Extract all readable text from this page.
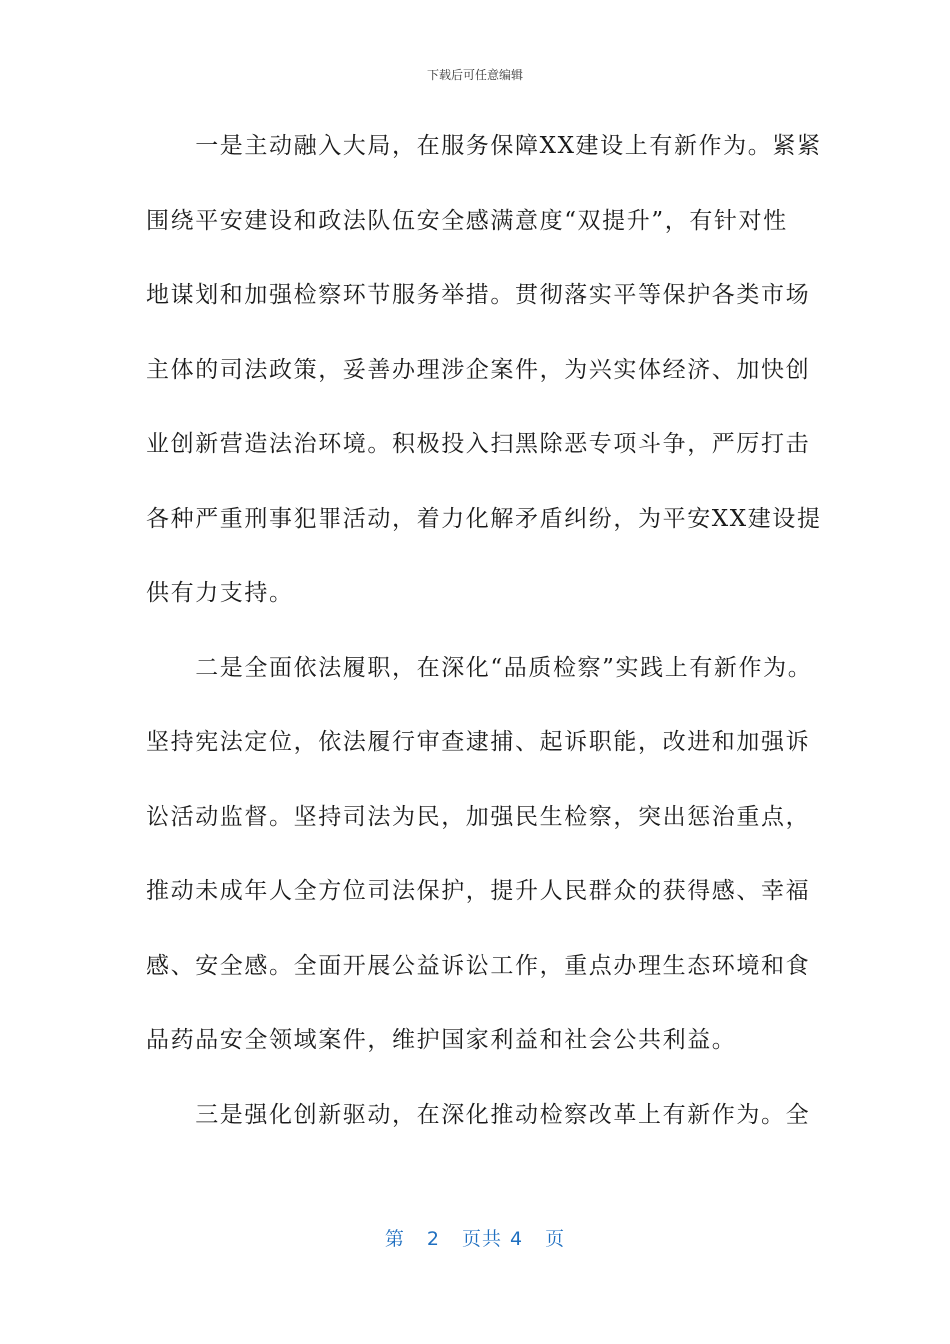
下载后可任意编辑
　　一是主动融入大局，在服务保障XX建设上有新作为。紧紧
围绕平安建设和政法队伍安全感满意度“双提升”，有针对性
地谋划和加强检察环节服务举措。贯彻落实平等保护各类市场
主体的司法政策，妥善办理涉企案件，为兴实体经济、加快创
业创新营造法治环境。积极投入扫黑除恶专项斗争，严厉打击
各种严重刑事犯罪活动，着力化解矛盾纠纷，为平安XX建设提
供有力支持。
　　二是全面依法履职，在深化“品质检察”实践上有新作为。
坚持宪法定位，依法履行审查逮捕、起诉职能，改进和加强诉
讼活动监督。坚持司法为民，加强民生检察，突出惩治重点，
推动未成年人全方位司法保护，提升人民群众的获得感、幸福
感、安全感。全面开展公益诉讼工作，重点办理生态环境和食
品药品安全领域案件，维护国家利益和社会公共利益。
　　三是强化创新驱动，在深化推动检察改革上有新作为。全
第 2 页共 4 页
